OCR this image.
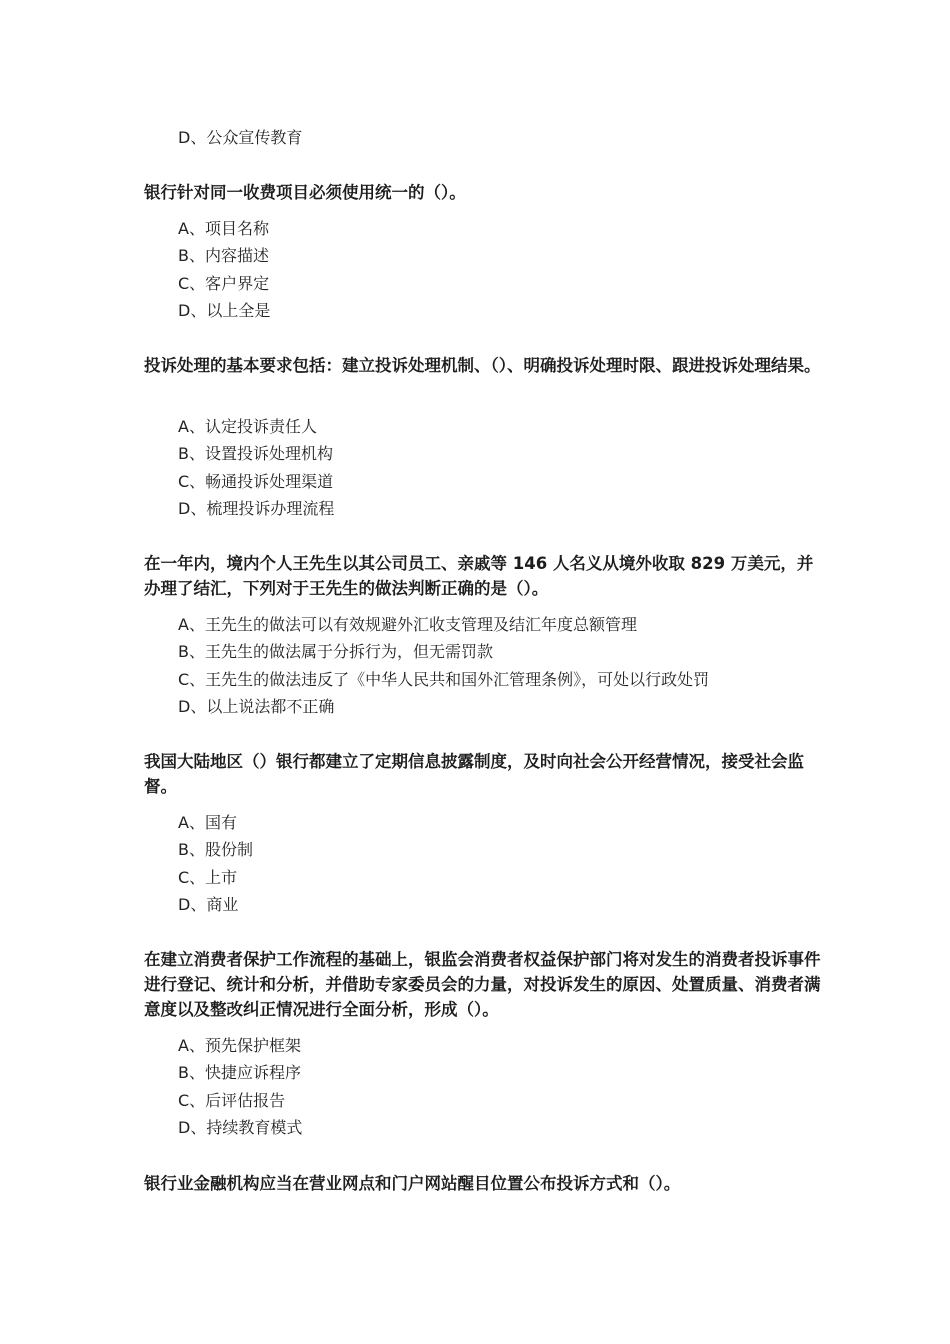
D、公众宣传教育
银行针对同一收费项目必须使用统一的（）。
A、项目名称
B、内容描述
C、客户界定
D、以上全是
投诉处理的基本要求包括：建立投诉处理机制、（）、明确投诉处理时限、跟进投诉处理结果。
A、认定投诉责任人
B、设置投诉处理机构
C、畅通投诉处理渠道
D、梳理投诉办理流程
在一年内，境内个人王先生以其公司员工、亲戚等 146 人名义从境外收取 829 万美元，并办理了结汇，下列对于王先生的做法判断正确的是（）。
A、王先生的做法可以有效规避外汇收支管理及结汇年度总额管理
B、王先生的做法属于分拆行为，但无需罚款
C、王先生的做法违反了《中华人民共和国外汇管理条例》，可处以行政处罚
D、以上说法都不正确
我国大陆地区（）银行都建立了定期信息披露制度，及时向社会公开经营情况，接受社会监督。
A、国有
B、股份制
C、上市
D、商业
在建立消费者保护工作流程的基础上，银监会消费者权益保护部门将对发生的消费者投诉事件进行登记、统计和分析，并借助专家委员会的力量，对投诉发生的原因、处置质量、消费者满意度以及整改纠正情况进行全面分析，形成（）。
A、预先保护框架
B、快捷应诉程序
C、后评估报告
D、持续教育模式
银行业金融机构应当在营业网点和门户网站醒目位置公布投诉方式和（）。
